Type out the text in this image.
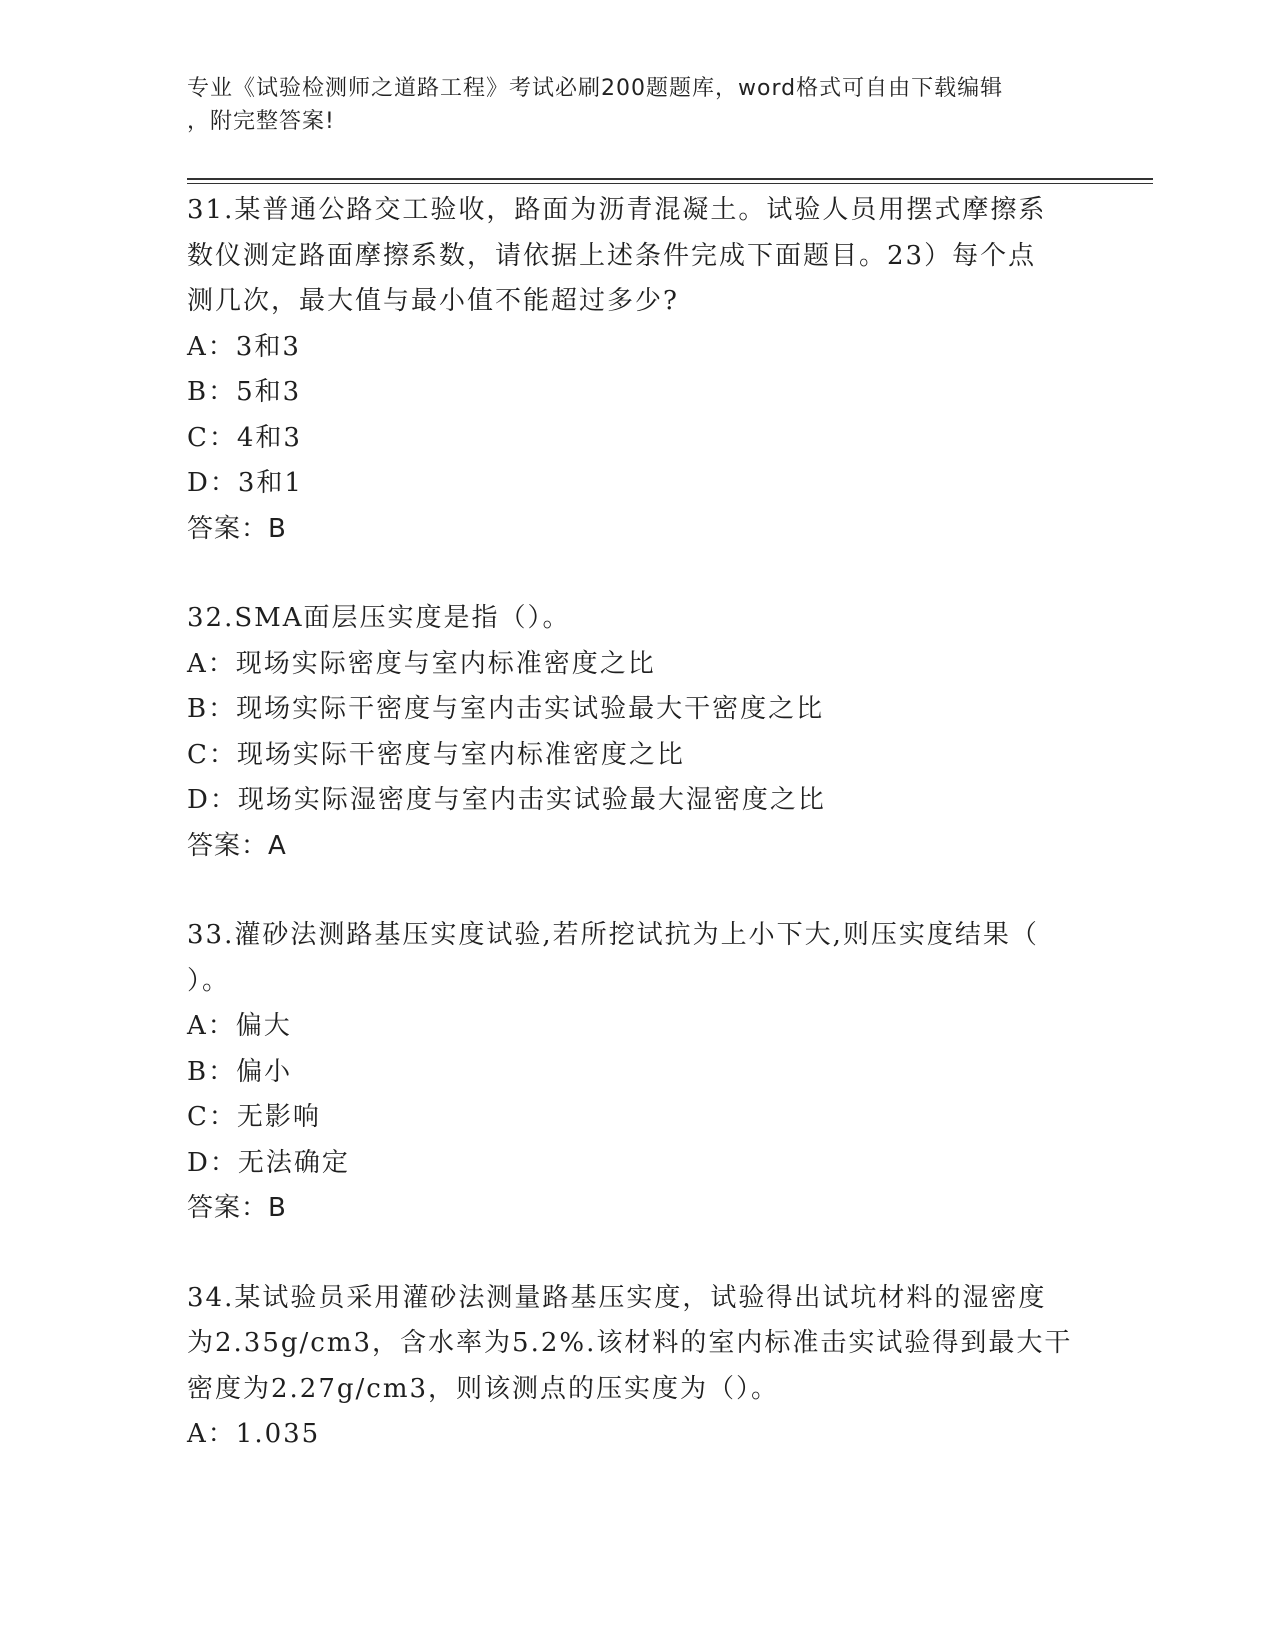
专业《试验检测师之道路工程》考试必刷200题题库，word格式可自由下载编辑
，附完整答案!
31.某普通公路交工验收，路面为沥青混凝土。试验人员用摆式摩擦系
数仪测定路面摩擦系数，请依据上述条件完成下面题目。23）每个点
测几次，最大值与最小值不能超过多少?
A：3和3
B：5和3
C：4和3
D：3和1
答案：B
32.SMA面层压实度是指（）。
A：现场实际密度与室内标准密度之比
B：现场实际干密度与室内击实试验最大干密度之比
C：现场实际干密度与室内标准密度之比
D：现场实际湿密度与室内击实试验最大湿密度之比
答案：A
33.灌砂法测路基压实度试验,若所挖试抗为上小下大,则压实度结果（
）。
A：偏大
B：偏小
C：无影响
D：无法确定
答案：B
34.某试验员采用灌砂法测量路基压实度，试验得出试坑材料的湿密度
为2.35g/cm3，含水率为5.2%.该材料的室内标准击实试验得到最大干
密度为2.27g/cm3，则该测点的压实度为（）。
A：1.035
